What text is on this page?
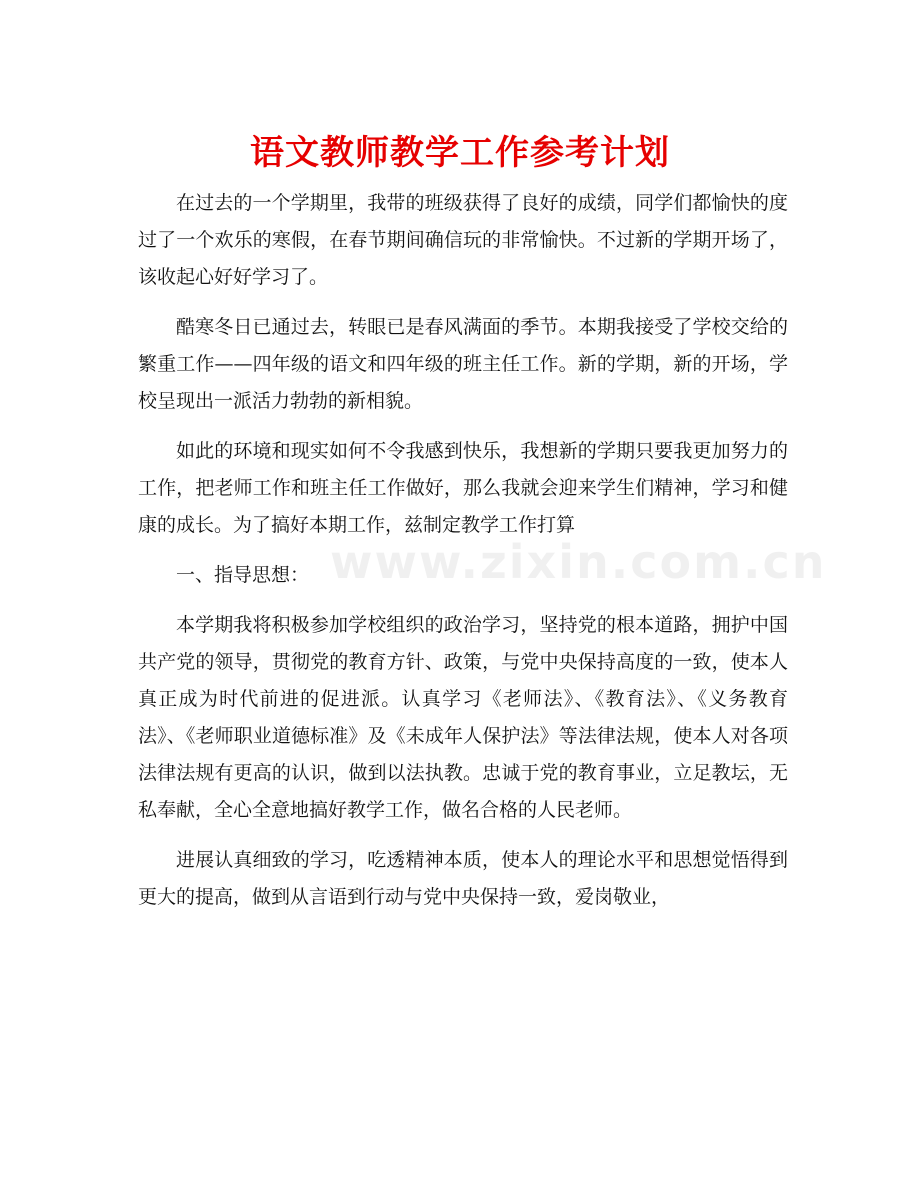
语文教师教学工作参考计划
www.zixin.com.cn

在过去的一个学期里，我带的班级获得了良好的成绩，同学们都愉快的度过了一个欢乐的寒假，在春节期间确信玩的非常愉快。不过新的学期开场了，该收起心好好学习了。

酷寒冬日已通过去，转眼已是春风满面的季节。本期我接受了学校交给的繁重工作——四年级的语文和四年级的班主任工作。新的学期，新的开场，学校呈现出一派活力勃勃的新相貌。

如此的环境和现实如何不令我感到快乐，我想新的学期只要我更加努力的工作，把老师工作和班主任工作做好，那么我就会迎来学生们精神，学习和健康的成长。为了搞好本期工作，兹制定教学工作打算

一、指导思想：

本学期我将积极参加学校组织的政治学习，坚持党的根本道路，拥护中国共产党的领导，贯彻党的教育方针、政策，与党中央保持高度的一致，使本人真正成为时代前进的促进派。认真学习《老师法》、《教育法》、《义务教育法》、《老师职业道德标准》及《未成年人保护法》等法律法规，使本人对各项法律法规有更高的认识，做到以法执教。忠诚于党的教育事业，立足教坛，无私奉献，全心全意地搞好教学工作，做名合格的人民老师。

进展认真细致的学习，吃透精神本质，使本人的理论水平和思想觉悟得到更大的提高，做到从言语到行动与党中央保持一致，爱岗敬业，
